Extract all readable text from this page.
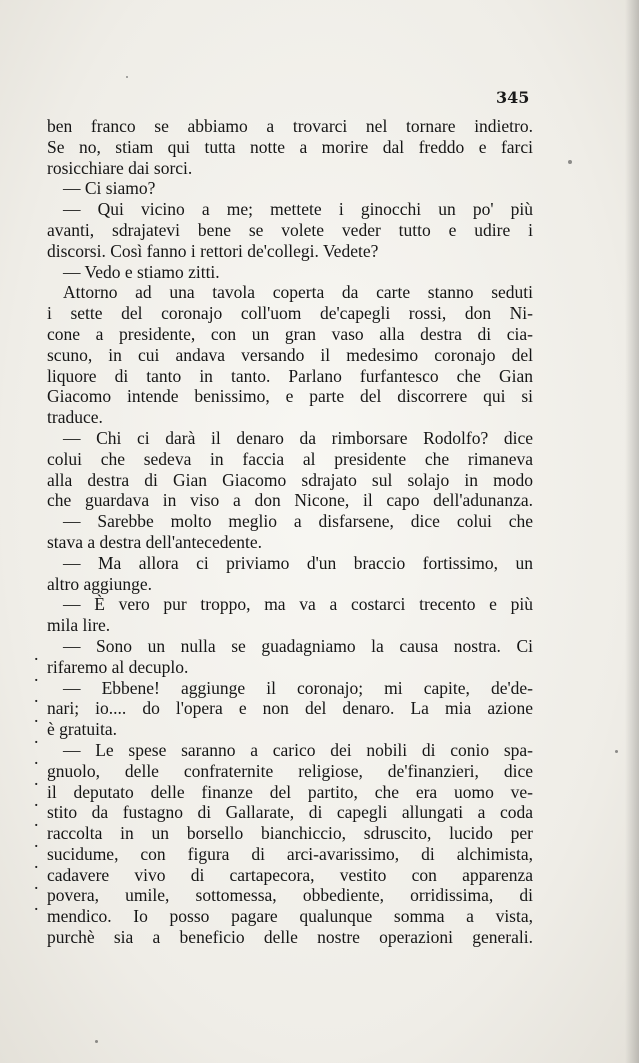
345
ben franco se abbiamo a trovarci nel tornare indietro.
Se no, stiam qui tutta notte a morire dal freddo e farci
rosicchiare dai sorci.
— Ci siamo?
— Qui vicino a me; mettete i ginocchi un po' più
avanti, sdrajatevi bene se volete veder tutto e udire i
discorsi. Così fanno i rettori de'collegi. Vedete?
— Vedo e stiamo zitti.
Attorno ad una tavola coperta da carte stanno seduti
i sette del coronajo coll'uom de'capegli rossi, don Ni-
cone a presidente, con un gran vaso alla destra di cia-
scuno, in cui andava versando il medesimo coronajo del
liquore di tanto in tanto. Parlano furfantesco che Gian
Giacomo intende benissimo, e parte del discorrere qui si
traduce.
— Chi ci darà il denaro da rimborsare Rodolfo? dice
colui che sedeva in faccia al presidente che rimaneva
alla destra di Gian Giacomo sdrajato sul solajo in modo
che guardava in viso a don Nicone, il capo dell'adunanza.
— Sarebbe molto meglio a disfarsene, dice colui che
stava a destra dell'antecedente.
— Ma allora ci priviamo d'un braccio fortissimo, un
altro aggiunge.
— È vero pur troppo, ma va a costarci trecento e più
mila lire.
— Sono un nulla se guadagniamo la causa nostra. Ci
rifaremo al decuplo.
— Ebbene! aggiunge il coronajo; mi capite, de'de-
nari; io.... do l'opera e non del denaro. La mia azione
è gratuita.
— Le spese saranno a carico dei nobili di conio spa-
gnuolo, delle confraternite religiose, de'finanzieri, dice
il deputato delle finanze del partito, che era uomo ve-
stito da fustagno di Gallarate, di capegli allungati a coda
raccolta in un borsello bianchiccio, sdruscito, lucido per
sucidume, con figura di arci-avarissimo, di alchimista,
cadavere vivo di cartapecora, vestito con apparenza
povera, umile, sottomessa, obbediente, orridissima, di
mendico. Io posso pagare qualunque somma a vista,
purchè sia a beneficio delle nostre operazioni generali.
.
.
.
.
.
.
.
.
.
.
.
.
.
